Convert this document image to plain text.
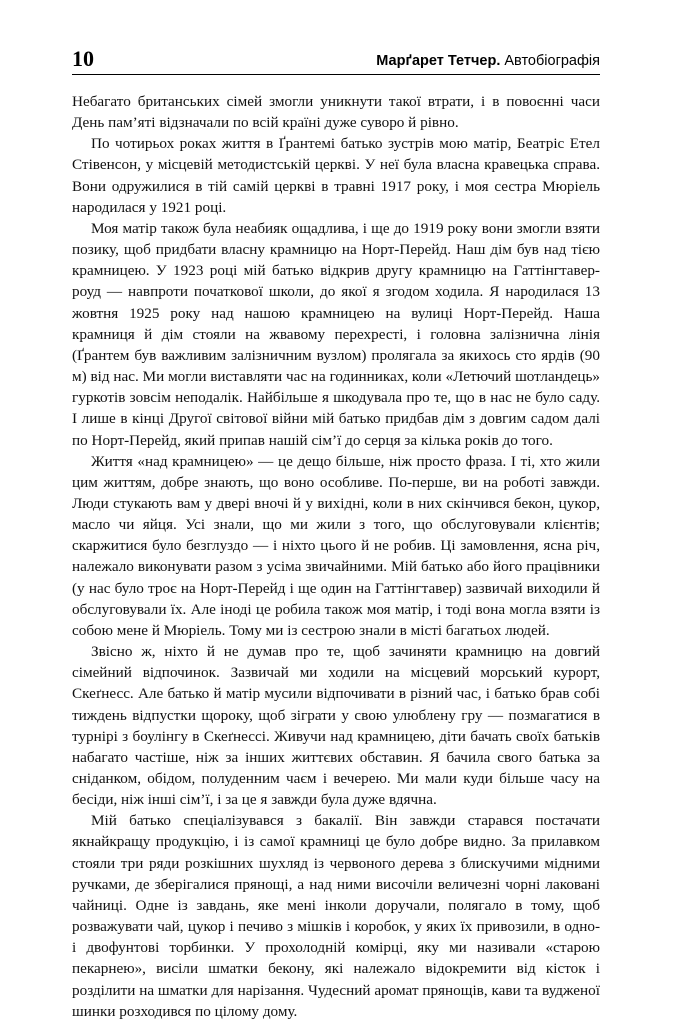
10	Марґарет Тетчер. Автобіографія

Небагато британських сімей змогли уникнути такої втрати, і в повоєнні часи День пам’яті відзначали по всій країні дуже суворо й рівно.

По чотирьох роках життя в Ґрантемі батько зустрів мою матір, Беатріс Етел Стівенсон, у місцевій методистській церкві. У неї була власна кравецька справа. Вони одружилися в тій самій церкві в травні 1917 року, і моя сестра Мюріель народилася у 1921 році.

Моя матір також була неабияк ощадлива, і ще до 1919 року вони змогли взяти позику, щоб придбати власну крамницю на Норт-Перейд. Наш дім був над тією крамницею. У 1923 році мій батько відкрив другу крамницю на Гаттінгтавер-роуд — навпроти початкової школи, до якої я згодом ходила. Я народилася 13 жовтня 1925 року над нашою крамницею на вулиці Норт-Перейд. Наша крамниця й дім стояли на жвавому перехресті, і головна залізнична лінія (Ґрантем був важливим залізничним вузлом) пролягала за якихось сто ярдів (90 м) від нас. Ми могли виставляти час на годинниках, коли «Летючий шотландець» гуркотів зовсім неподалік. Найбільше я шкодувала про те, що в нас не було саду. І лише в кінці Другої світової війни мій батько придбав дім з довгим садом далі по Норт-Перейд, який припав нашій сім’ї до серця за кілька років до того.

Життя «над крамницею» — це дещо більше, ніж просто фраза. І ті, хто жили цим життям, добре знають, що воно особливе. По-перше, ви на роботі завжди. Люди стукають вам у двері вночі й у вихідні, коли в них скінчився бекон, цукор, масло чи яйця. Усі знали, що ми жили з того, що обслуговували клієнтів; скаржитися було безглуздо — і ніхто цього й не робив. Ці замовлення, ясна річ, належало виконувати разом з усіма звичайними. Мій батько або його працівники (у нас було троє на Норт-Перейд і ще один на Гаттінгтавер) зазвичай виходили й обслуговували їх. Але іноді це робила також моя матір, і тоді вона могла взяти із собою мене й Мюріель. Тому ми із сестрою знали в місті багатьох людей.

Звісно ж, ніхто й не думав про те, щоб зачиняти крамницю на довгий сімейний відпочинок. Зазвичай ми ходили на місцевий морський курорт, Скеґнесс. Але батько й матір мусили відпочивати в різний час, і батько брав собі тиждень відпустки щороку, щоб зіграти у свою улюблену гру — позмагатися в турнірі з боулінгу в Скеґнессі. Живучи над крамницею, діти бачать своїх батьків набагато частіше, ніж за інших життєвих обставин. Я бачила свого батька за сніданком, обідом, полуденним чаєм і вечерею. Ми мали куди більше часу на бесіди, ніж інші сім’ї, і за це я завжди була дуже вдячна.

Мій батько спеціалізувався з бакалії. Він завжди старався постачати якнайкращу продукцію, і із самої крамниці це було добре видно. За прилавком стояли три ряди розкішних шухляд із червоного дерева з блискучими мідними ручками, де зберігалися прянощі, а над ними височіли величезні чорні лаковані чайниці. Одне із завдань, яке мені інколи доручали, полягало в тому, щоб розважувати чай, цукор і печиво з мішків і коробок, у яких їх привозили, в одно- і двофунтові торбинки. У прохолодній комірці, яку ми називали «старою пекарнею», висіли шматки бекону, які належало відокремити від кісток і розділити на шматки для нарізання. Чудесний аромат прянощів, кави та вудженої шинки розходився по цілому дому.
